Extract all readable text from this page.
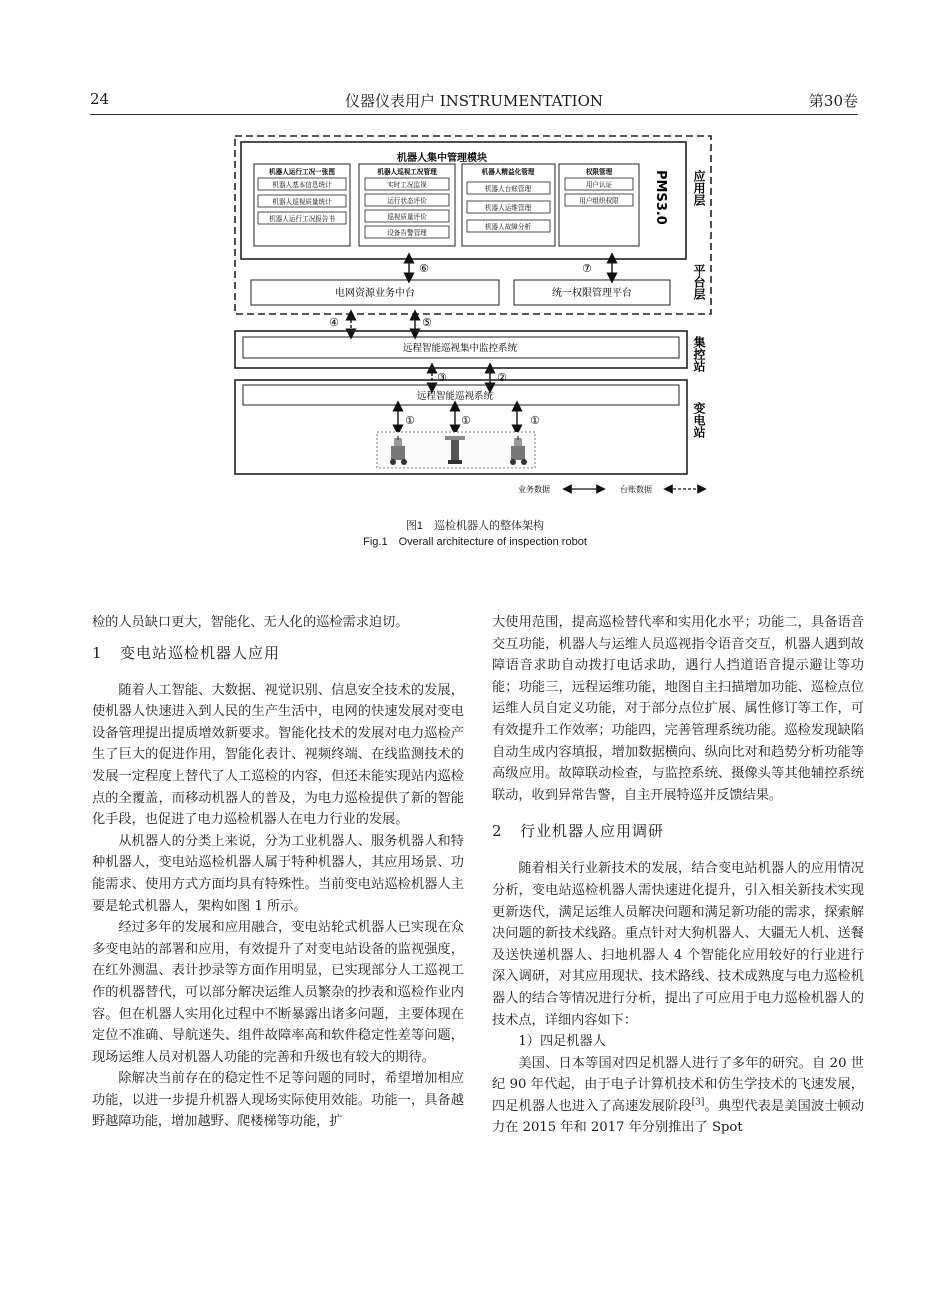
24	仪器仪表用户 INSTRUMENTATION	第30卷
机器人集中管理模块
机器人运行工况一张图
机器人基本信息统计
机器人巡视质量统计
机器人运行工况报告书
机器人巡视工况管理
实时工况监视
运行状态评价
巡视质量评价
设备告警管理
机器人精益化管理
机器人台账管理
机器人运维管理
机器人故障分析
权限管理
用户认证
用户组织权限	PMS3.0 应用层
平台层
电网资源业务中台	统一权限管理平台
⑥	⑦
④	⑤
远程智能巡视集中监控系统	集控站
③	②
远程智能巡视系统
变电站
①	①	①
业务数据	台账数据
图1　巡检机器人的整体架构
Fig.1　Overall architecture of inspection robot

检的人员缺口更大，智能化、无人化的巡检需求迫切。

1 变电站巡检机器人应用

随着人工智能、大数据、视觉识别、信息安全技术的发展，使机器人快速进入到人民的生产生活中，电网的快速发展对变电设备管理提出提质增效新要求。智能化技术的发展对电力巡检产生了巨大的促进作用，智能化表计、视频终端、在线监测技术的发展一定程度上替代了人工巡检的内容，但还未能实现站内巡检点的全覆盖，而移动机器人的普及，为电力巡检提供了新的智能化手段，也促进了电力巡检机器人在电力行业的发展。

从机器人的分类上来说，分为工业机器人、服务机器人和特种机器人，变电站巡检机器人属于特种机器人，其应用场景、功能需求、使用方式方面均具有特殊性。当前变电站巡检机器人主要是轮式机器人，架构如图 1 所示。

经过多年的发展和应用融合，变电站轮式机器人已实现在众多变电站的部署和应用，有效提升了对变电站设备的监视强度，在红外测温、表计抄录等方面作用明显，已实现部分人工巡视工作的机器替代，可以部分解决运维人员繁杂的抄表和巡检作业内容。但在机器人实用化过程中不断暴露出诸多问题，主要体现在定位不准确、导航迷失、组件故障率高和软件稳定性差等问题，现场运维人员对机器人功能的完善和升级也有较大的期待。

除解决当前存在的稳定性不足等问题的同时，希望增加相应功能，以进一步提升机器人现场实际使用效能。功能一，具备越野越障功能，增加越野、爬楼梯等功能，扩

大使用范围，提高巡检替代率和实用化水平；功能二，具备语音交互功能，机器人与运维人员巡视指令语音交互，机器人遇到故障语音求助自动拨打电话求助，遇行人挡道语音提示避让等功能；功能三，远程运维功能，地图自主扫描增加功能、巡检点位运维人员自定义功能，对于部分点位扩展、属性修订等工作，可有效提升工作效率；功能四，完善管理系统功能。巡检发现缺陷自动生成内容填报，增加数据横向、纵向比对和趋势分析功能等高级应用。故障联动检查，与监控系统、摄像头等其他辅控系统联动，收到异常告警，自主开展特巡并反馈结果。

2 行业机器人应用调研

随着相关行业新技术的发展，结合变电站机器人的应用情况分析，变电站巡检机器人需快速进化提升，引入相关新技术实现更新迭代，满足运维人员解决问题和满足新功能的需求，探索解决问题的新技术线路。重点针对大狗机器人、大疆无人机、送餐及送快递机器人、扫地机器人 4 个智能化应用较好的行业进行深入调研，对其应用现状、技术路线、技术成熟度与电力巡检机器人的结合等情况进行分析，提出了可应用于电力巡检机器人的技术点，详细内容如下：

1）四足机器人

美国、日本等国对四足机器人进行了多年的研究。自 20 世纪 90 年代起，由于电子计算机技术和仿生学技术的飞速发展，四足机器人也进入了高速发展阶段[3]。典型代表是美国波士顿动力在 2015 年和 2017 年分别推出了 Spot
